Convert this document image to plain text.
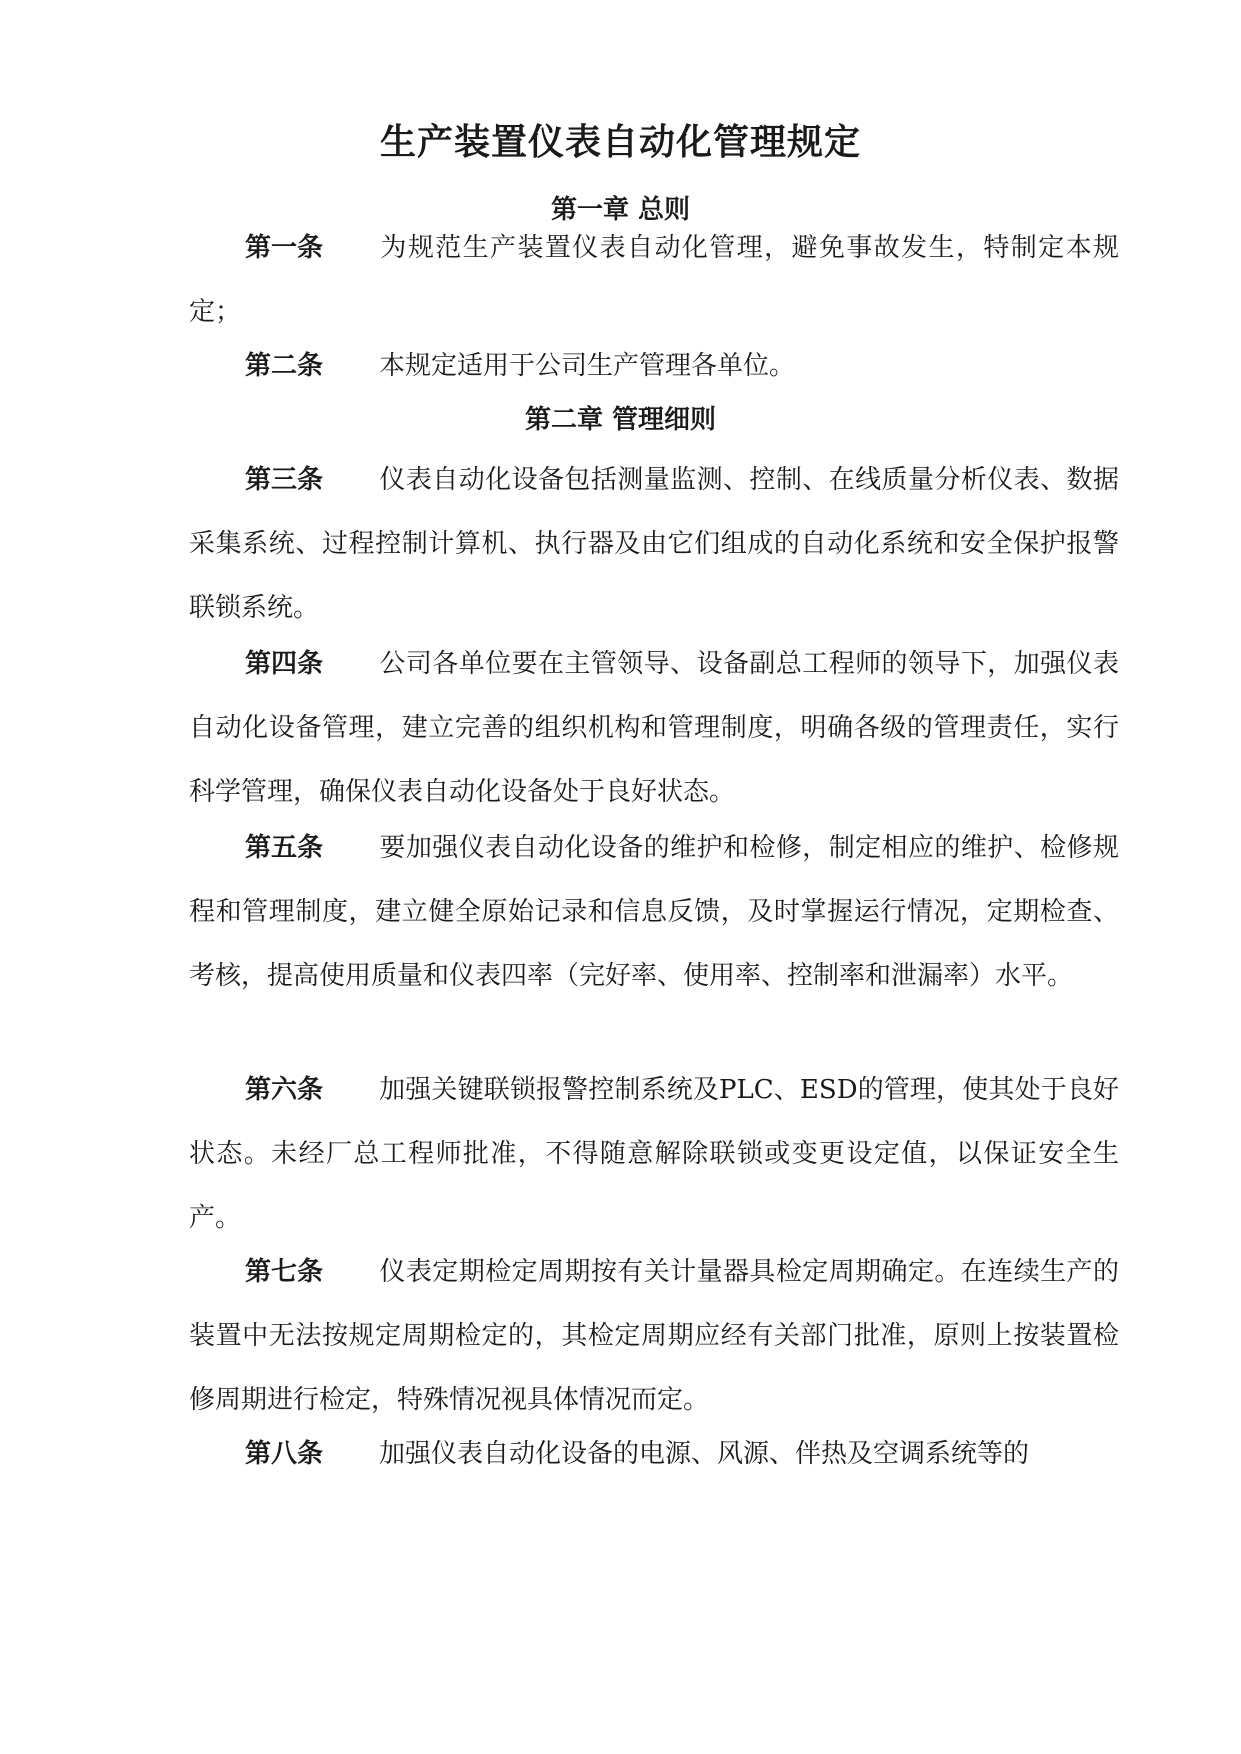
生产装置仪表自动化管理规定
第一章 总则

第一条 为规范生产装置仪表自动化管理，避免事故发生，特制定本规定；

第二条 本规定适用于公司生产管理各单位。

第二章 管理细则

第三条 仪表自动化设备包括测量监测、控制、在线质量分析仪表、数据采集系统、过程控制计算机、执行器及由它们组成的自动化系统和安全保护报警联锁系统。

第四条 公司各单位要在主管领导、设备副总工程师的领导下，加强仪表自动化设备管理，建立完善的组织机构和管理制度，明确各级的管理责任，实行科学管理，确保仪表自动化设备处于良好状态。

第五条 要加强仪表自动化设备的维护和检修，制定相应的维护、检修规程和管理制度，建立健全原始记录和信息反馈，及时掌握运行情况，定期检查、考核，提高使用质量和仪表四率（完好率、使用率、控制率和泄漏率）水平。

第六条 加强关键联锁报警控制系统及PLC、ESD的管理，使其处于良好状态。未经厂总工程师批准，不得随意解除联锁或变更设定值，以保证安全生产。

第七条 仪表定期检定周期按有关计量器具检定周期确定。在连续生产的装置中无法按规定周期检定的，其检定周期应经有关部门批准，原则上按装置检修周期进行检定，特殊情况视具体情况而定。

第八条 加强仪表自动化设备的电源、风源、伴热及空调系统等的
